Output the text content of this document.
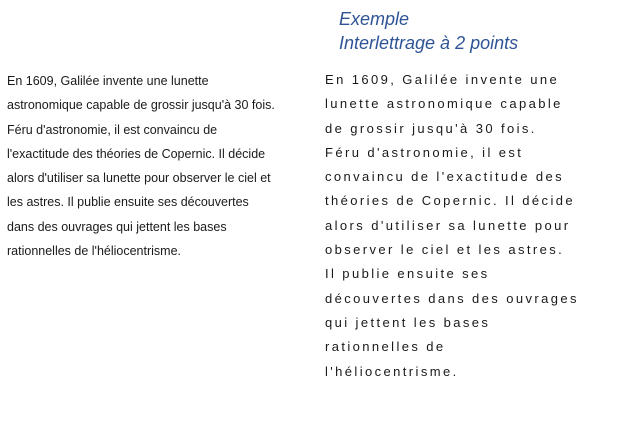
Exemple
Interlettrage à 2 points
En 1609, Galilée invente une lunette
astronomique capable de grossir jusqu'à 30 fois.
Féru d'astronomie, il est convaincu de
l'exactitude des théories de Copernic. Il décide
alors d'utiliser sa lunette pour observer le ciel et
les astres. Il publie ensuite ses découvertes
dans des ouvrages qui jettent les bases
rationnelles de l'héliocentrisme.
En 1609, Galilée invente une
lunette astronomique capable
de grossir jusqu'à 30 fois.
Féru d'astronomie, il est
convaincu de l'exactitude des
théories de Copernic. Il décide
alors d'utiliser sa lunette pour
observer le ciel et les astres.
Il publie ensuite ses
découvertes dans des ouvrages
qui jettent les bases
rationnelles de
l'héliocentrisme.
